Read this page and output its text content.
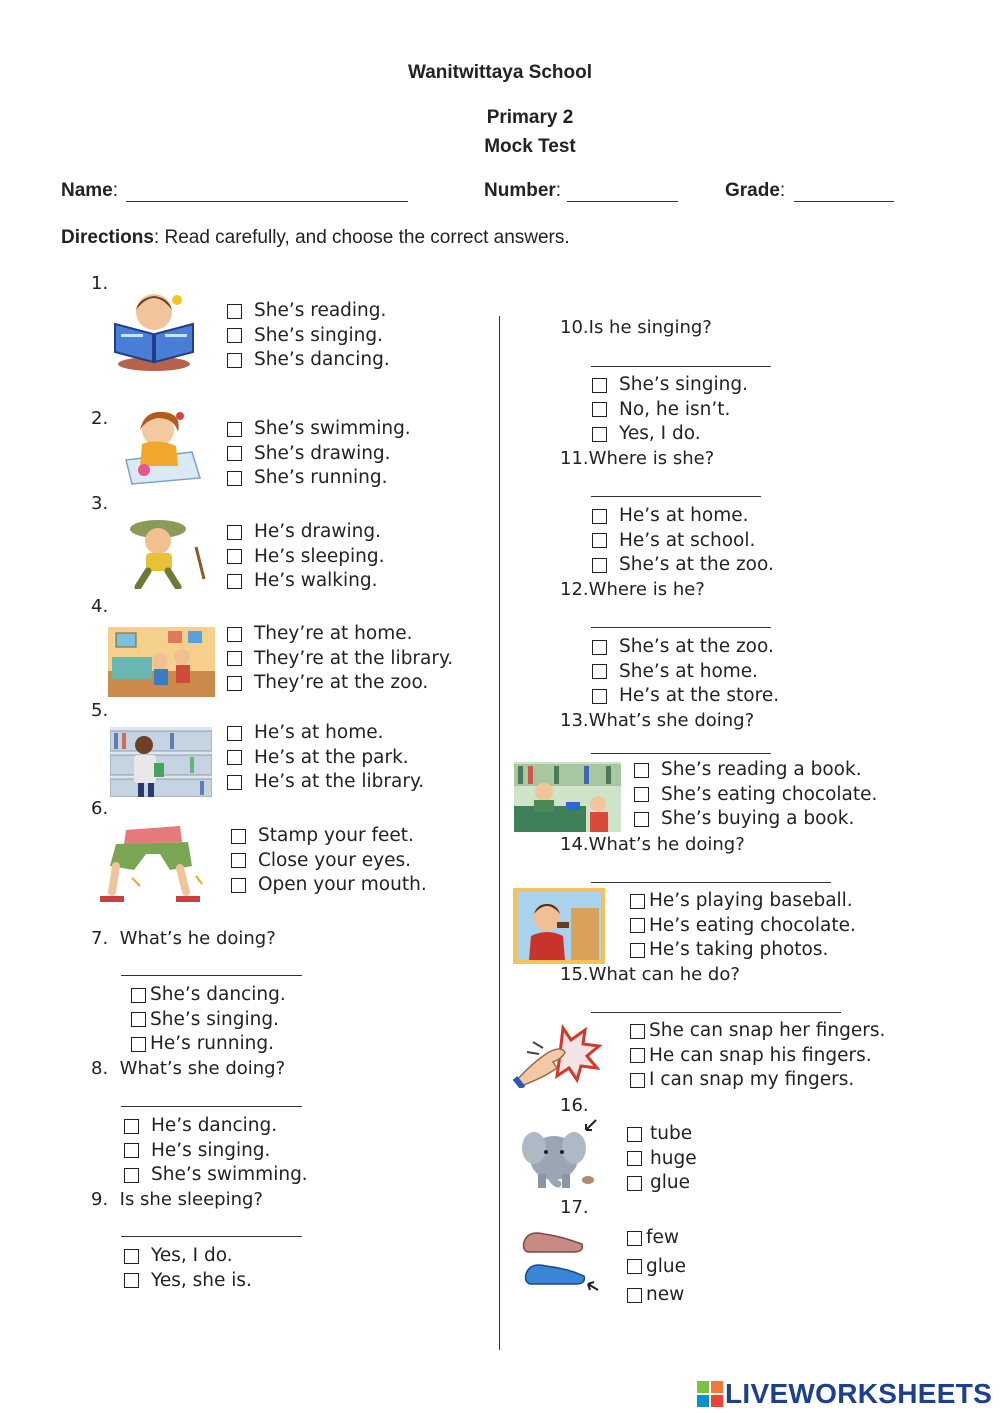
Wanitwittaya School
Primary 2
Mock Test
Name:	Number:	Grade:
Directions: Read carefully, and choose the correct answers.
1.
She’s reading.
She’s singing.
She’s dancing.
2.	She’s swimming.
She’s drawing.
She’s running.
3.
He’s drawing.
He’s sleeping.
He’s walking.
4.
They’re at home.
They’re at the library.
They’re at the zoo.
5.
He’s at home.
He’s at the park.
He’s at the library.
6.
Stamp your feet.
Close your eyes.
Open your mouth.
7. What’s he doing?
She’s dancing.
She’s singing.
He’s running.
8. What’s she doing?
He’s dancing.
He’s singing.
She’s swimming.
9. Is she sleeping?
Yes, I do.
Yes, she is.
10.Is he singing?
She’s singing.
No, he isn’t.
Yes, I do.
11.Where is she?
He’s at home.
He’s at school.
She’s at the zoo.
12.Where is he?
She’s at the zoo.
She’s at home.
He’s at the store.
13.What’s she doing?
She’s reading a book.
She’s eating chocolate.
She’s buying a book.
14.What’s he doing?
He’s playing baseball.
He’s eating chocolate.
He’s taking photos.
15.What can he do?
She can snap her fingers.
He can snap his fingers.
I can snap my fingers.
16.
tube
huge
glue
17.
few
glue
new
LIVEWORKSHEETS
